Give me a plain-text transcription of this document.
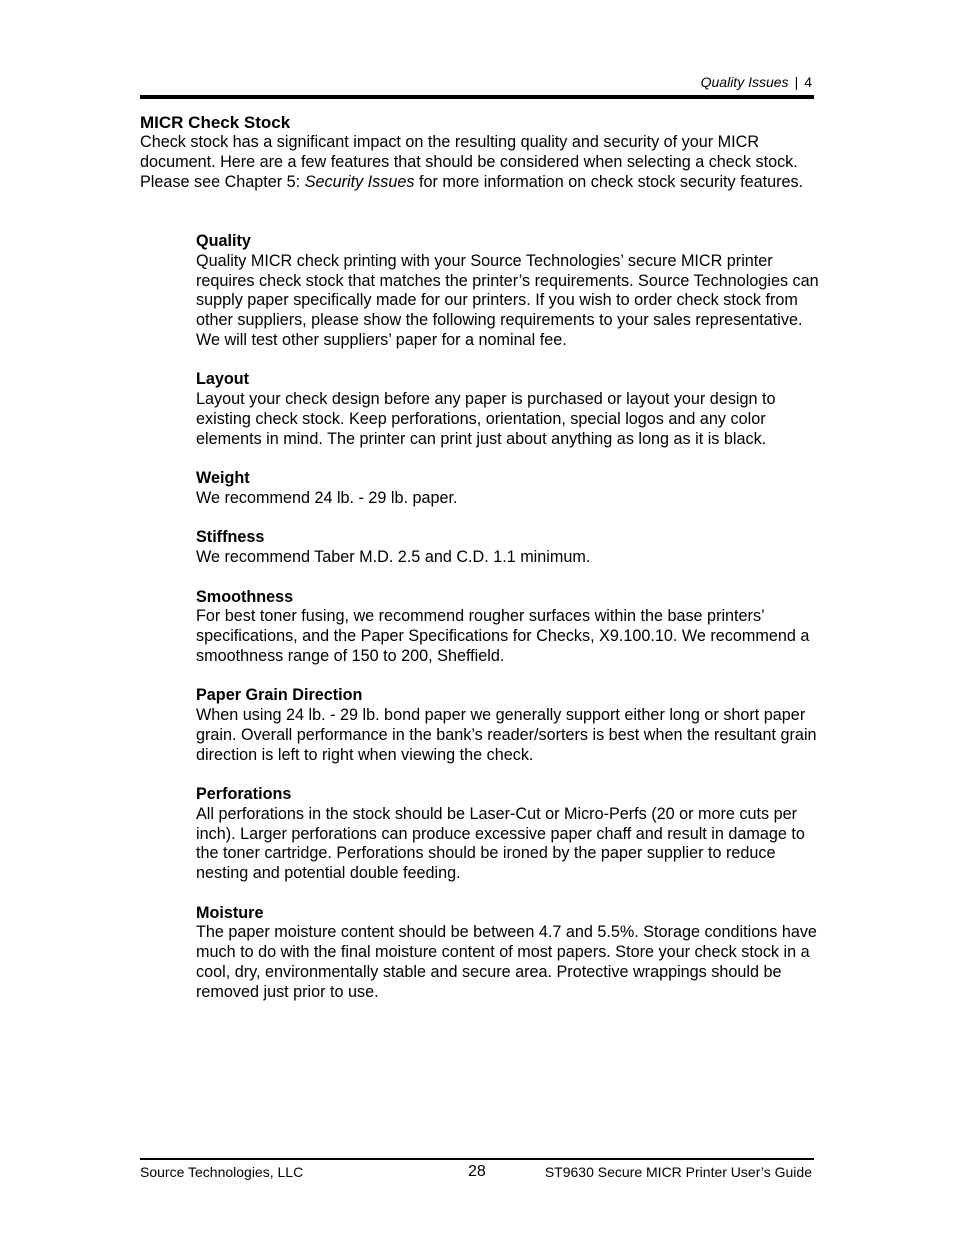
Quality Issues | 4
MICR Check Stock

Check stock has a significant impact on the resulting quality and security of your MICR document. Here are a few features that should be considered when selecting a check stock. Please see Chapter 5: Security Issues for more information on check stock security features.

Quality

Quality MICR check printing with your Source Technologies’ secure MICR printer requires check stock that matches the printer’s requirements. Source Technologies can supply paper specifically made for our printers. If you wish to order check stock from other suppliers, please show the following requirements to your sales representative. We will test other suppliers’ paper for a nominal fee.

Layout

Layout your check design before any paper is purchased or layout your design to existing check stock. Keep perforations, orientation, special logos and any color elements in mind. The printer can print just about anything as long as it is black.

Weight

We recommend 24 lb. - 29 lb. paper.

Stiffness

We recommend Taber M.D. 2.5 and C.D. 1.1 minimum.

Smoothness

For best toner fusing, we recommend rougher surfaces within the base printers’ specifications, and the Paper Specifications for Checks, X9.100.10. We recommend a smoothness range of 150 to 200, Sheffield.

Paper Grain Direction

When using 24 lb. - 29 lb. bond paper we generally support either long or short paper grain. Overall performance in the bank’s reader/sorters is best when the resultant grain direction is left to right when viewing the check.

Perforations

All perforations in the stock should be Laser-Cut or Micro-Perfs (20 or more cuts per inch). Larger perforations can produce excessive paper chaff and result in damage to the toner cartridge. Perforations should be ironed by the paper supplier to reduce nesting and potential double feeding.

Moisture

The paper moisture content should be between 4.7 and 5.5%. Storage conditions have much to do with the final moisture content of most papers. Store your check stock in a cool, dry, environmentally stable and secure area. Protective wrappings should be removed just prior to use.

Source Technologies, LLC	28	ST9630 Secure MICR Printer User’s Guide
